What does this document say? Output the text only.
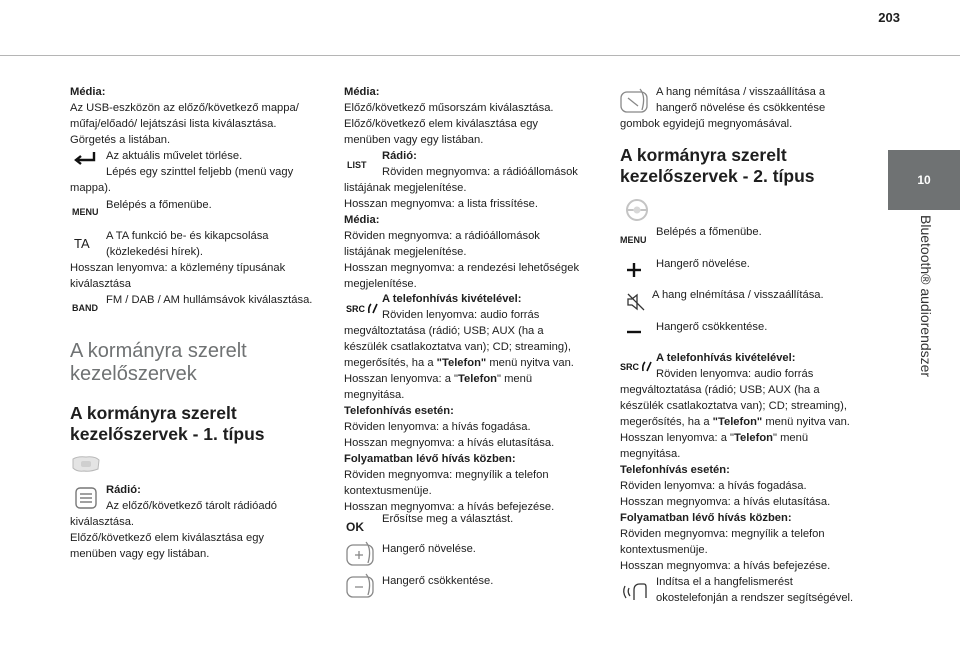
203
10
Bluetooth® audiorendszer
Média:
Az USB-eszközön az előző/következő mappa/
műfaj/előadó/ lejátszási lista kiválasztása.
Görgetés a listában.
Az aktuális művelet törlése.
Lépés egy szinttel feljebb (menü vagy
mappa).
MENU
Belépés a főmenübe.
TA A TA funkció be- és kikapcsolása
(közlekedési hírek).
Hosszan lenyomva: a közlemény típusának
kiválasztása
BAND
FM / DAB / AM hullámsávok kiválasztása.
A kormányra szerelt
kezelőszervek
A kormányra szerelt
kezelőszervek - 1. típus
Rádió:
Az előző/következő tárolt rádióadó
kiválasztása.
Előző/következő elem kiválasztása egy
menüben vagy egy listában.
Média:
Előző/következő műsorszám kiválasztása.
Előző/következő elem kiválasztása egy
menüben vagy egy listában.
LIST
Rádió:
Röviden megnyomva: a rádióállomások
listájának megjelenítése.
Hosszan megnyomva: a lista frissítése.
Média:
Röviden megnyomva: a rádióállomások
listájának megjelenítése.
Hosszan megnyomva: a rendezési lehetőségek
megjelenítése.
SRC
A telefonhívás kivételével:
Röviden lenyomva: audio forrás
megváltoztatása (rádió; USB; AUX (ha a
készülék csatlakoztatva van); CD; streaming),
megerősítés, ha a "Telefon" menü nyitva van.
Hosszan lenyomva: a "Telefon" menü
megnyitása.
Telefonhívás esetén:
Röviden lenyomva: a hívás fogadása.
Hosszan megnyomva: a hívás elutasítása.
Folyamatban lévő hívás közben:
Röviden megnyomva: megnyílik a telefon
kontextusmenüje.
Hosszan megnyomva: a hívás befejezése.
OK
Erősítse meg a választást.
Hangerő növelése.
Hangerő csökkentése.
A hang némítása / visszaállítása a
hangerő növelése és csökkentése
gombok egyidejű megnyomásával.
A kormányra szerelt
kezelőszervek - 2. típus
MENU
Belépés a főmenübe.
Hangerő növelése.
A hang elnémítása / visszaállítása.
Hangerő csökkentése.
SRC
A telefonhívás kivételével:
Röviden lenyomva: audio forrás
megváltoztatása (rádió; USB; AUX (ha a
készülék csatlakoztatva van); CD; streaming),
megerősítés, ha a "Telefon" menü nyitva van.
Hosszan lenyomva: a "Telefon" menü
megnyitása.
Telefonhívás esetén:
Röviden lenyomva: a hívás fogadása.
Hosszan megnyomva: a hívás elutasítása.
Folyamatban lévő hívás közben:
Röviden megnyomva: megnyílik a telefon
kontextusmenüje.
Hosszan megnyomva: a hívás befejezése.
Indítsa el a hangfelismerést
okostelefonján a rendszer segítségével.
